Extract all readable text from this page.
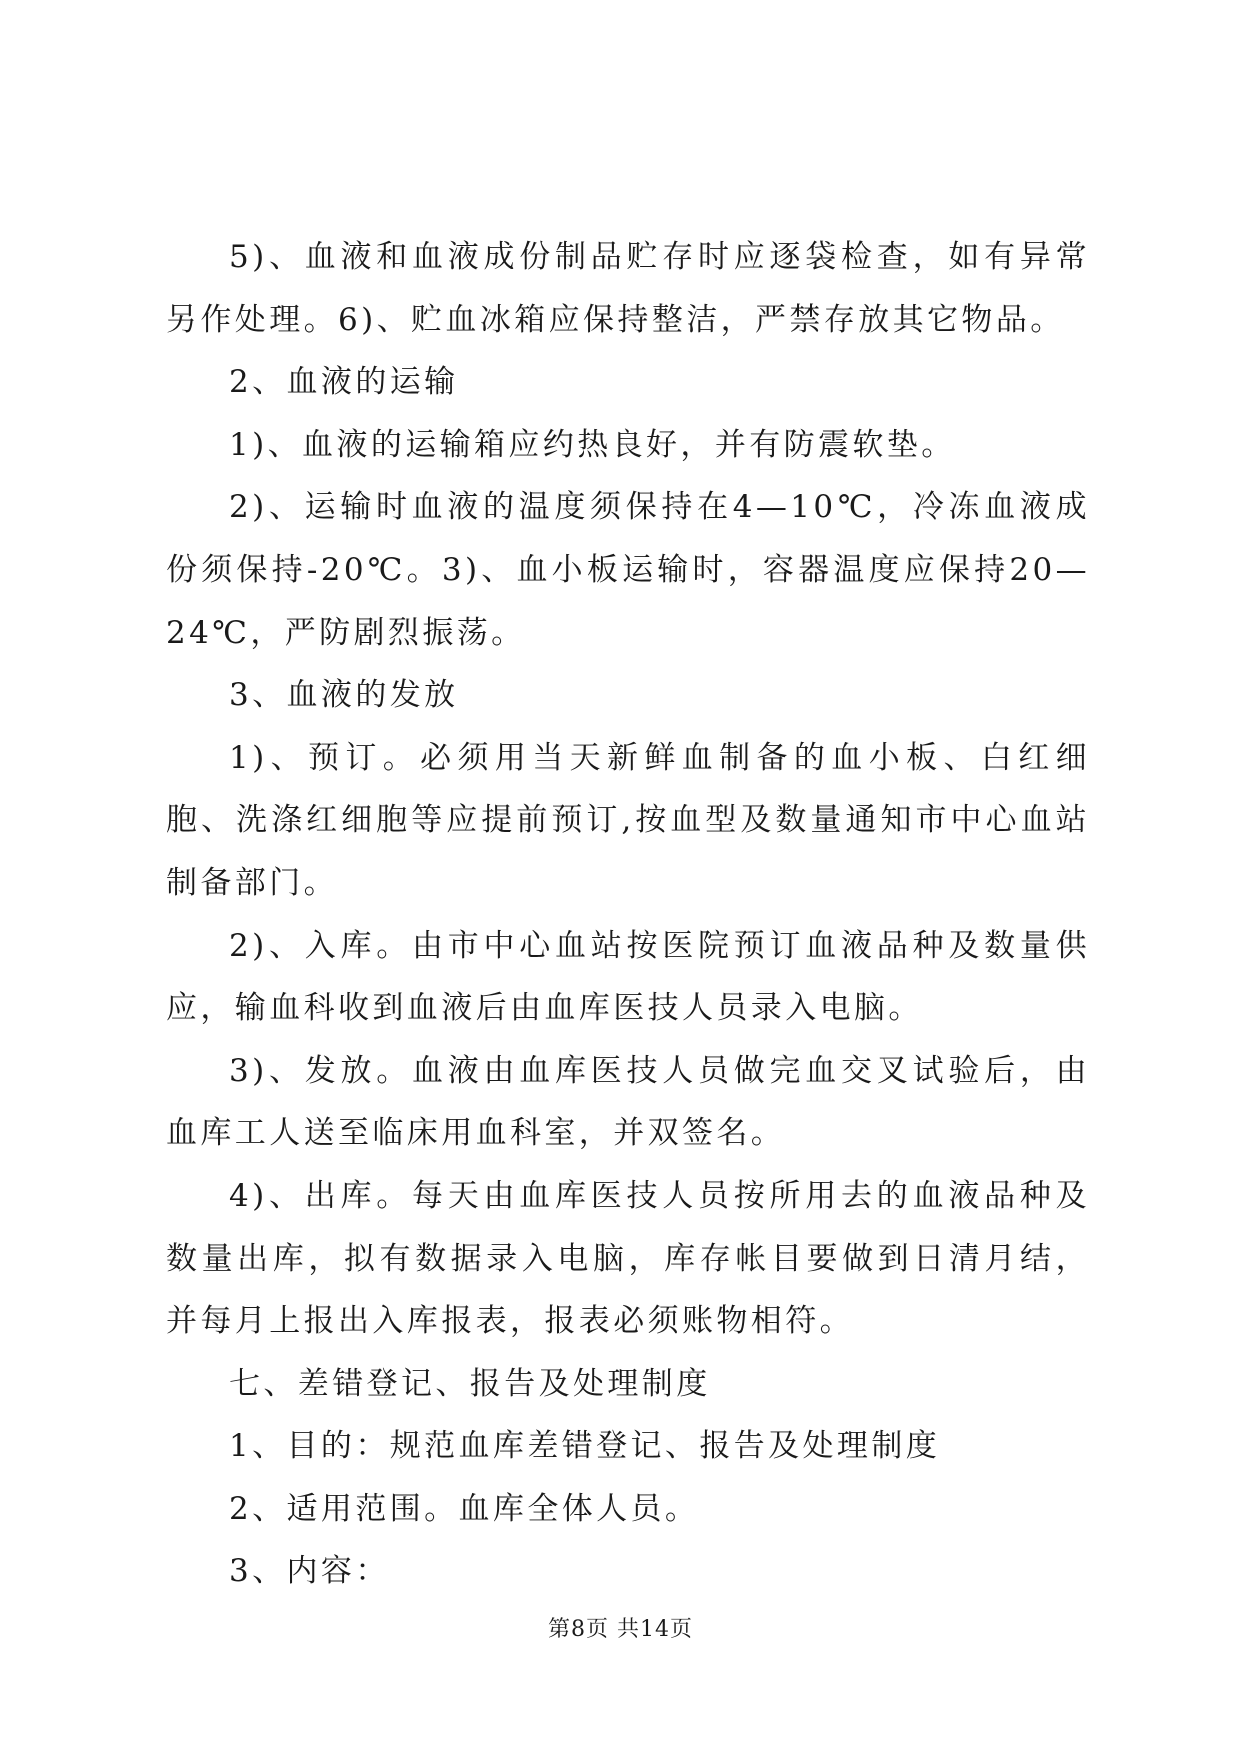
5)、血液和血液成份制品贮存时应逐袋检查，如有异常另作处理。6)、贮血冰箱应保持整洁，严禁存放其它物品。

2、血液的运输

1)、血液的运输箱应约热良好，并有防震软垫。

2)、运输时血液的温度须保持在4—10℃，冷冻血液成份须保持-20℃。3)、血小板运输时，容器温度应保持20—24℃，严防剧烈振荡。

3、血液的发放

1)、预订。必须用当天新鲜血制备的血小板、白红细胞、洗涤红细胞等应提前预订,按血型及数量通知市中心血站制备部门。

2)、入库。由市中心血站按医院预订血液品种及数量供应，输血科收到血液后由血库医技人员录入电脑。

3)、发放。血液由血库医技人员做完血交叉试验后，由血库工人送至临床用血科室，并双签名。

4)、出库。每天由血库医技人员按所用去的血液品种及数量出库，拟有数据录入电脑，库存帐目要做到日清月结，并每月上报出入库报表，报表必须账物相符。

七、差错登记、报告及处理制度

1、目的：规范血库差错登记、报告及处理制度

2、适用范围。血库全体人员。

3、内容：

第8页 共14页
